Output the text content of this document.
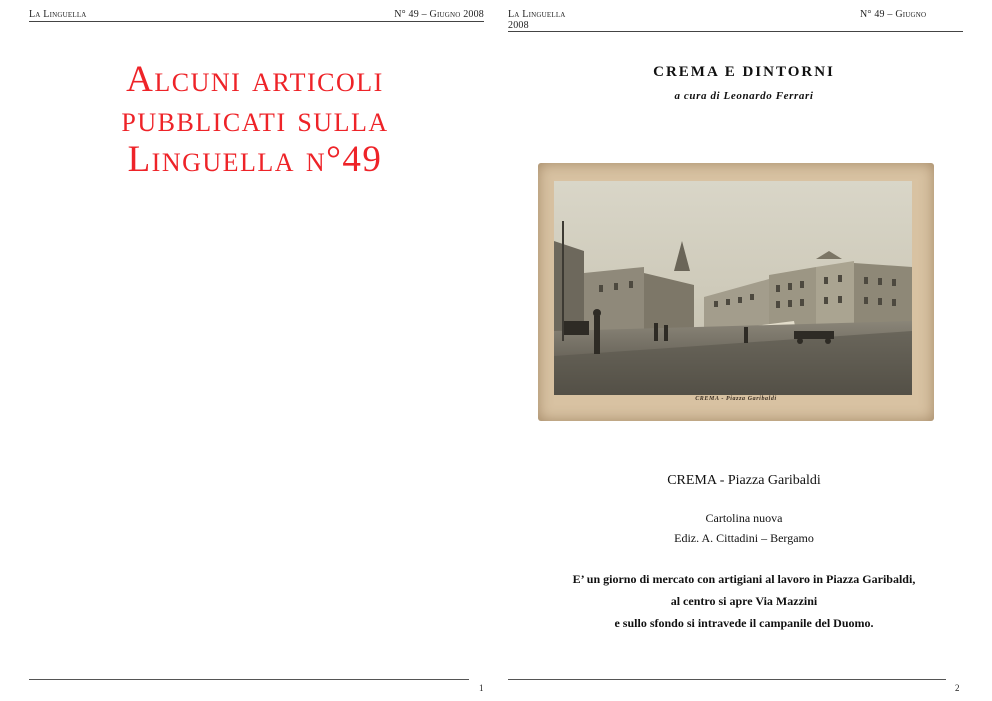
La Linguella	N° 49 – Giugno 2008
Alcuni articoli
pubblicati sulla
Linguella n°49
1
La Linguella
2008
N° 49 – Giugno
CREMA E DINTORNI
a cura di Leonardo Ferrari
CREMA - Piazza Garibaldi
CREMA - Piazza Garibaldi
Cartolina nuova
Ediz. A. Cittadini – Bergamo
E’ un giorno di mercato con artigiani al lavoro in Piazza Garibaldi,
al centro si apre Via Mazzini
e sullo sfondo si intravede il campanile del Duomo.
2
